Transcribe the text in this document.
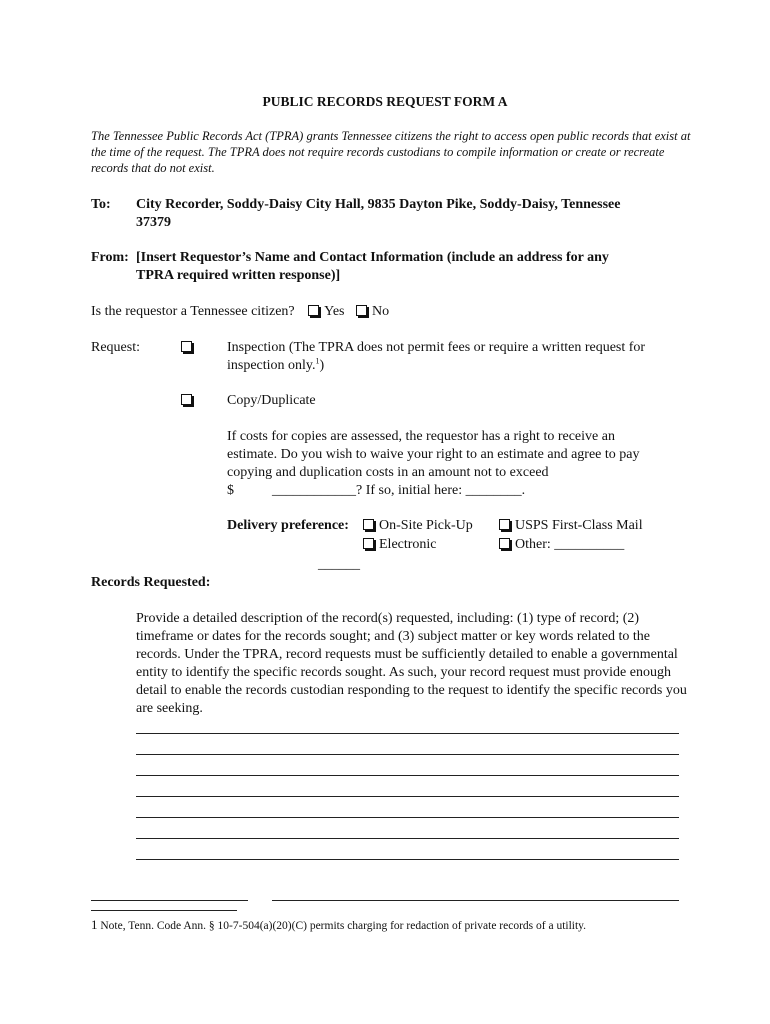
PUBLIC RECORDS REQUEST FORM A
The Tennessee Public Records Act (TPRA) grants Tennessee citizens the right to access open public records that exist at the time of the request. The TPRA does not require records custodians to compile information or create or recreate records that do not exist.
To: City Recorder, Soddy-Daisy City Hall, 9835 Dayton Pike, Soddy-Daisy, Tennessee
37379
From: [Insert Requestor’s Name and Contact Information (include an address for any
TPRA required written response)]
Is the requestor a Tennessee citizen? Yes No
Request:	Inspection (The TPRA does not permit fees or require a written request for
inspection only.$^1$)
Copy/Duplicate
If costs for copies are assessed, the requestor has a right to receive an
estimate. Do you wish to waive your right to an estimate and agree to pay
copying and duplication costs in an amount not to exceed
$	____________? If so, initial here: ________.
Delivery preference:	On-Site Pick-Up	USPS First-Class Mail
Electronic	Other: __________
______
Records Requested:
Provide a detailed description of the record(s) requested, including: (1) type of record; (2) timeframe or dates for the records sought; and (3) subject matter or key words related to the records. Under the TPRA, record requests must be sufficiently detailed to enable a governmental entity to identify the specific records sought. As such, your record request must provide enough detail to enable the records custodian responding to the request to identify the specific records you are seeking.
1 Note, Tenn. Code Ann. § 10-7-504(a)(20)(C) permits charging for redaction of private records of a utility.
